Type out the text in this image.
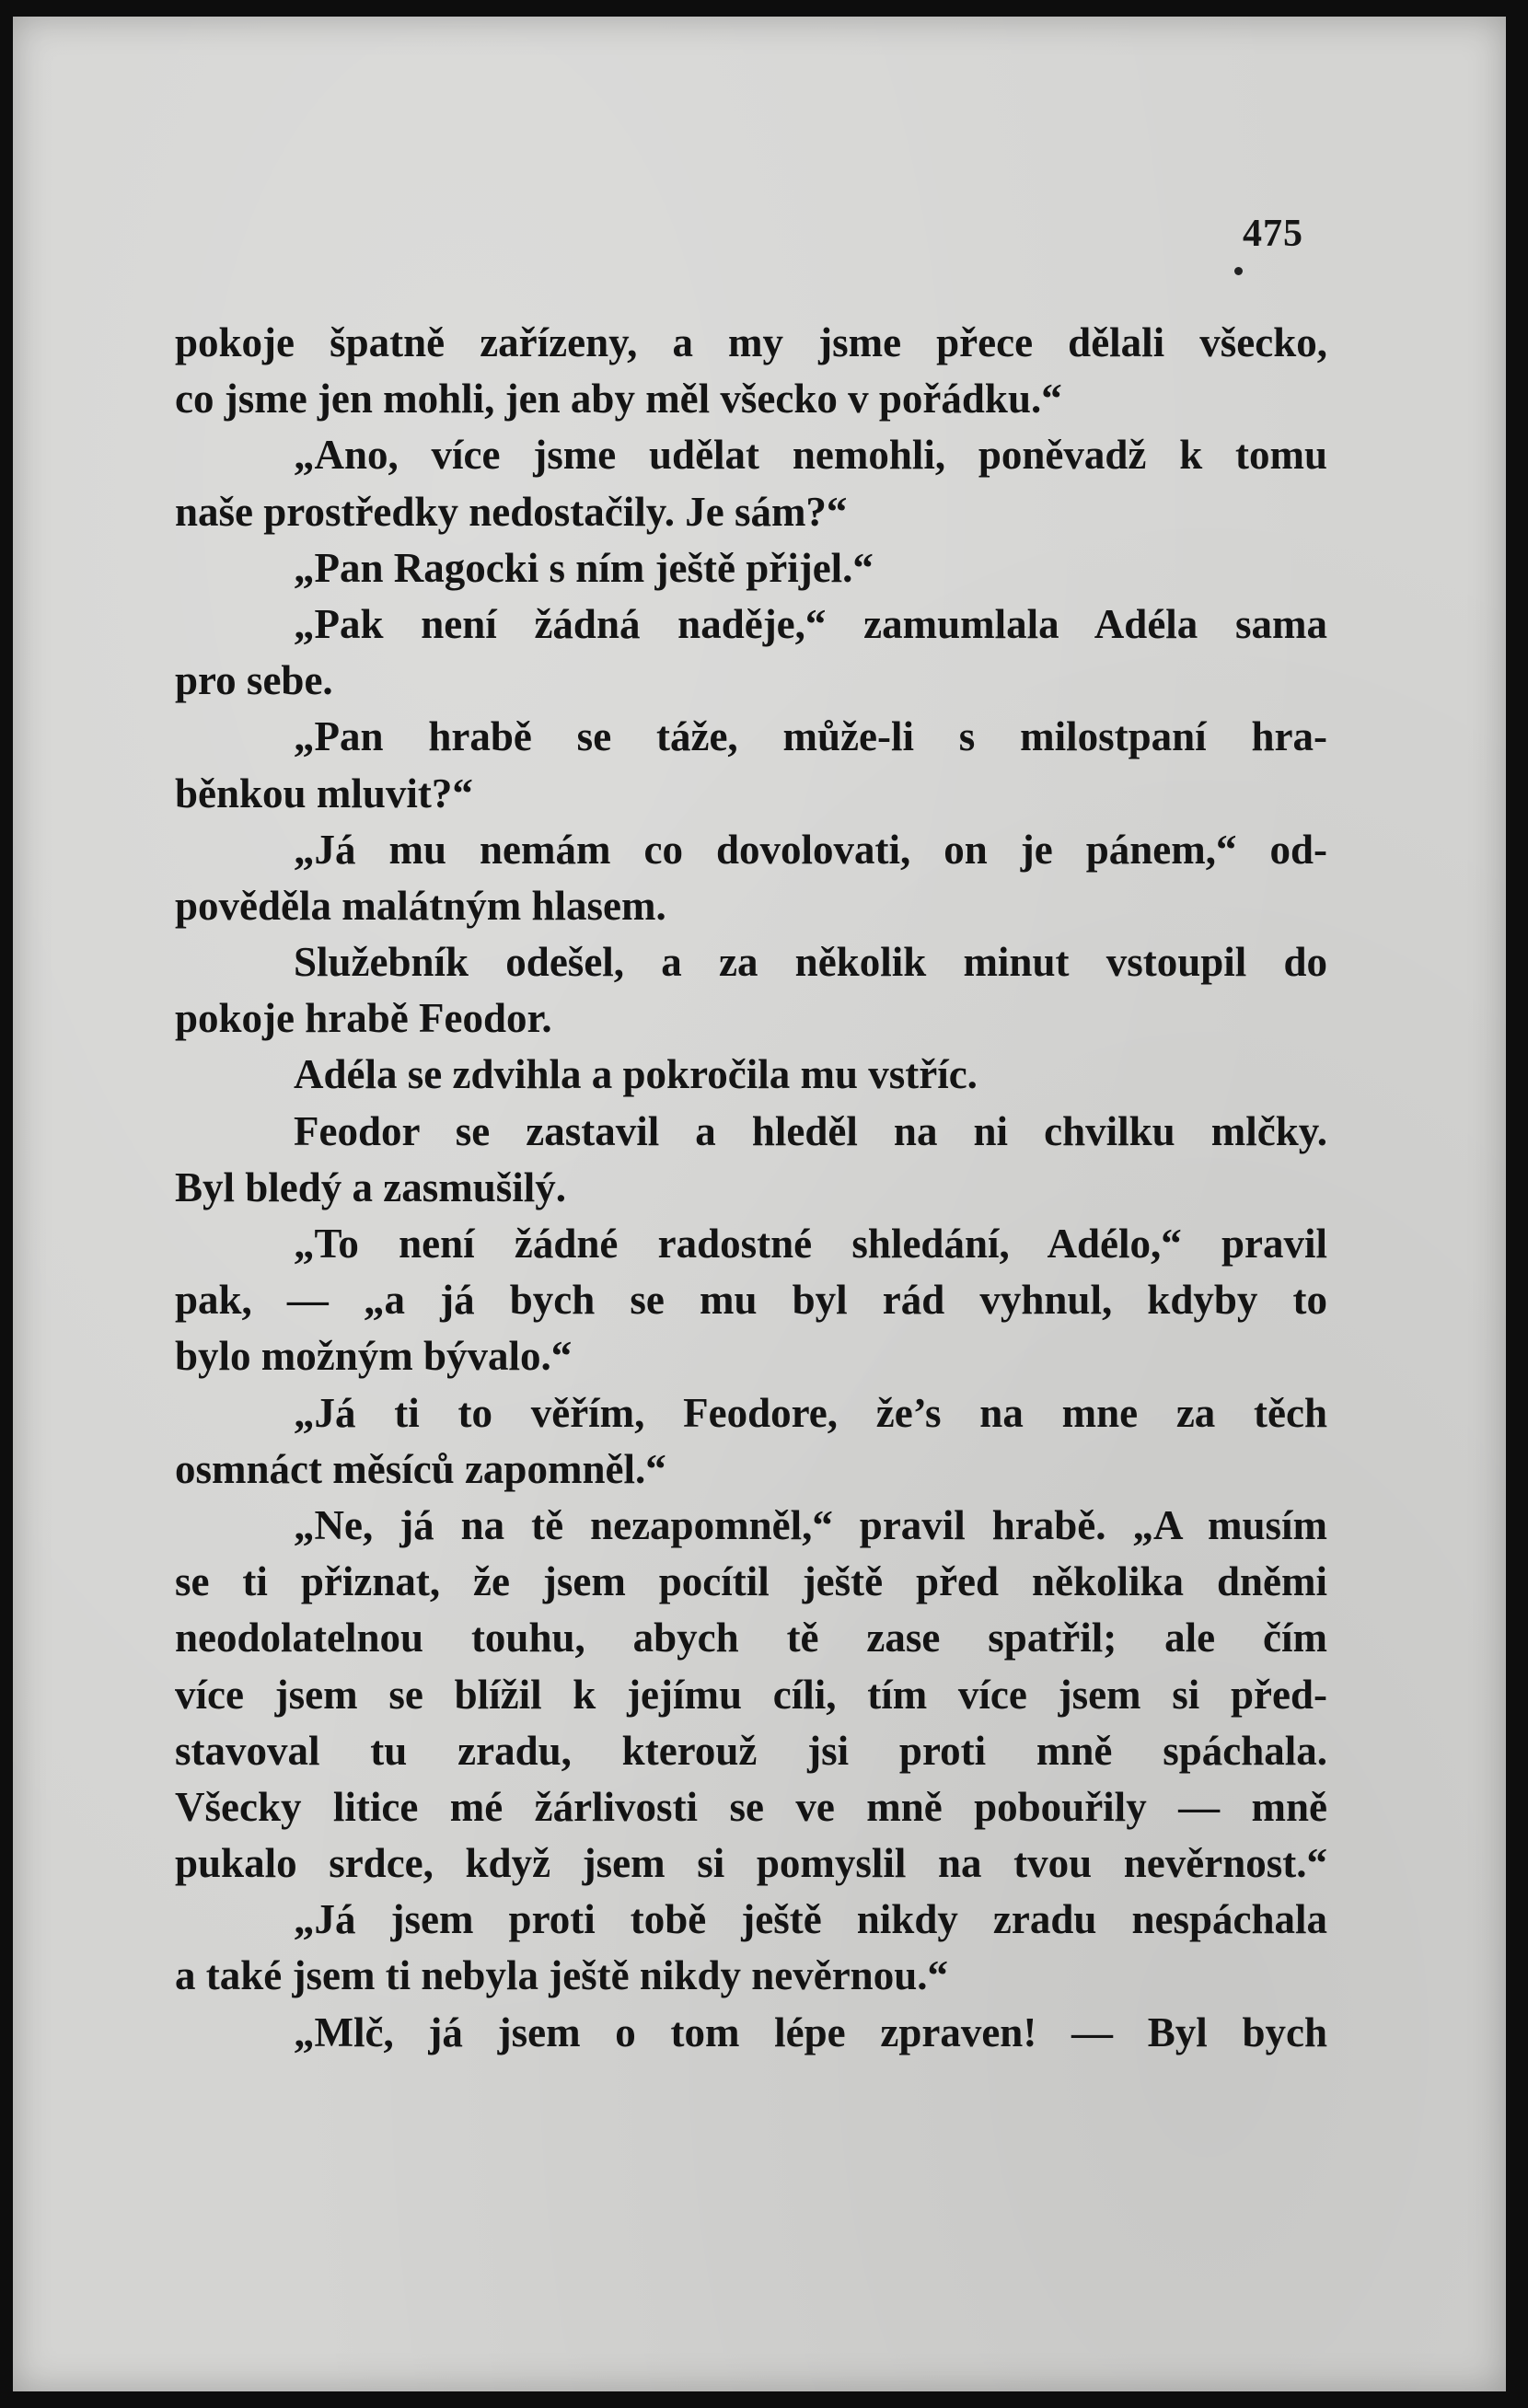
475
pokoje špatně zařízeny, a my jsme přece dělali všecko,
co jsme jen mohli, jen aby měl všecko v pořádku.“
„Ano, více jsme udělat nemohli, poněvadž k tomu
naše prostředky nedostačily. Je sám?“
„Pan Ragocki s ním ještě přijel.“
„Pak není žádná naděje,“ zamumlala Adéla sama
pro sebe.
„Pan hrabě se táže, může-li s milostpaní hra-
běnkou mluvit?“
„Já mu nemám co dovolovati, on je pánem,“ od-
pověděla malátným hlasem.
Služebník odešel, a za několik minut vstoupil do
pokoje hrabě Feodor.
Adéla se zdvihla a pokročila mu vstříc.
Feodor se zastavil a hleděl na ni chvilku mlčky.
Byl bledý a zasmušilý.
„To není žádné radostné shledání, Adélo,“ pravil
pak, — „a já bych se mu byl rád vyhnul, kdyby to
bylo možným bývalo.“
„Já ti to věřím, Feodore, že’s na mne za těch
osmnáct měsíců zapomněl.“
„Ne, já na tě nezapomněl,“ pravil hrabě. „A musím
se ti přiznat, že jsem pocítil ještě před několika dněmi
neodolatelnou touhu, abych tě zase spatřil; ale čím
více jsem se blížil k jejímu cíli, tím více jsem si před-
stavoval tu zradu, kterouž jsi proti mně spáchala.
Všecky litice mé žárlivosti se ve mně pobouřily — mně
pukalo srdce, když jsem si pomyslil na tvou nevěrnost.“
„Já jsem proti tobě ještě nikdy zradu nespáchala
a také jsem ti nebyla ještě nikdy nevěrnou.“
„Mlč, já jsem o tom lépe zpraven! — Byl bych
